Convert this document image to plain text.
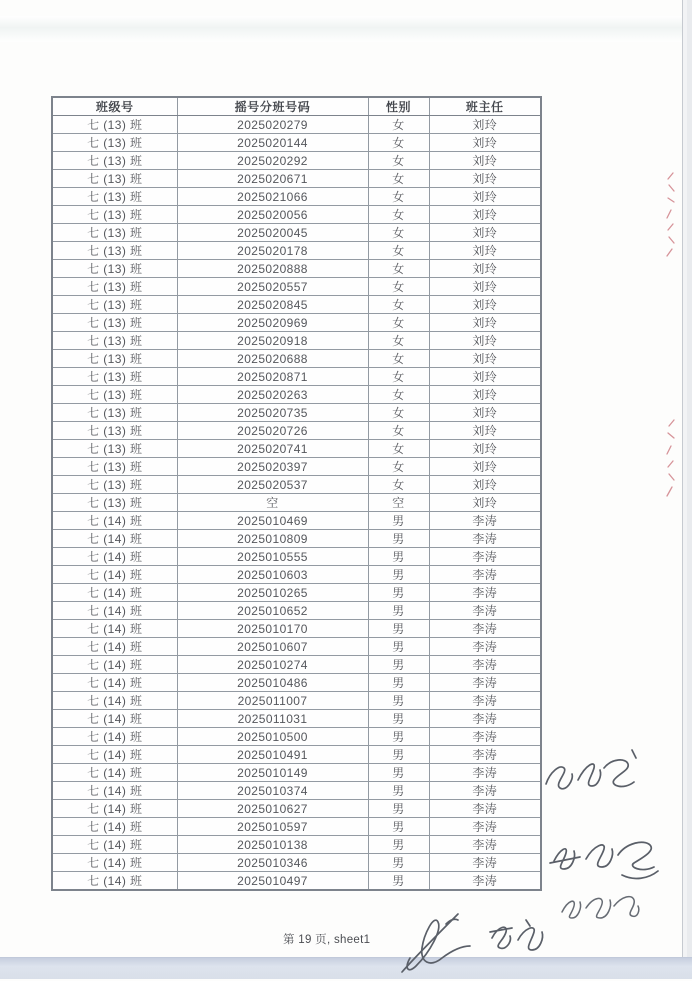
班级号	摇号分班号码	性别	班主任
七 (13) 班	2025020279	女	刘玲
七 (13) 班	2025020144	女	刘玲
七 (13) 班	2025020292	女	刘玲
七 (13) 班	2025020671	女	刘玲
七 (13) 班	2025021066	女	刘玲
七 (13) 班	2025020056	女	刘玲
七 (13) 班	2025020045	女	刘玲
七 (13) 班	2025020178	女	刘玲
七 (13) 班	2025020888	女	刘玲
七 (13) 班	2025020557	女	刘玲
七 (13) 班	2025020845	女	刘玲
七 (13) 班	2025020969	女	刘玲
七 (13) 班	2025020918	女	刘玲
七 (13) 班	2025020688	女	刘玲
七 (13) 班	2025020871	女	刘玲
七 (13) 班	2025020263	女	刘玲
七 (13) 班	2025020735	女	刘玲
七 (13) 班	2025020726	女	刘玲
七 (13) 班	2025020741	女	刘玲
七 (13) 班	2025020397	女	刘玲
七 (13) 班	2025020537	女	刘玲
七 (13) 班	空	空	刘玲
七 (14) 班	2025010469	男	李涛
七 (14) 班	2025010809	男	李涛
七 (14) 班	2025010555	男	李涛
七 (14) 班	2025010603	男	李涛
七 (14) 班	2025010265	男	李涛
七 (14) 班	2025010652	男	李涛
七 (14) 班	2025010170	男	李涛
七 (14) 班	2025010607	男	李涛
七 (14) 班	2025010274	男	李涛
七 (14) 班	2025010486	男	李涛
七 (14) 班	2025011007	男	李涛
七 (14) 班	2025011031	男	李涛
七 (14) 班	2025010500	男	李涛
七 (14) 班	2025010491	男	李涛
七 (14) 班	2025010149	男	李涛
七 (14) 班	2025010374	男	李涛
七 (14) 班	2025010627	男	李涛
七 (14) 班	2025010597	男	李涛
七 (14) 班	2025010138	男	李涛
七 (14) 班	2025010346	男	李涛
七 (14) 班	2025010497	男	李涛
第 19 页, sheet1
